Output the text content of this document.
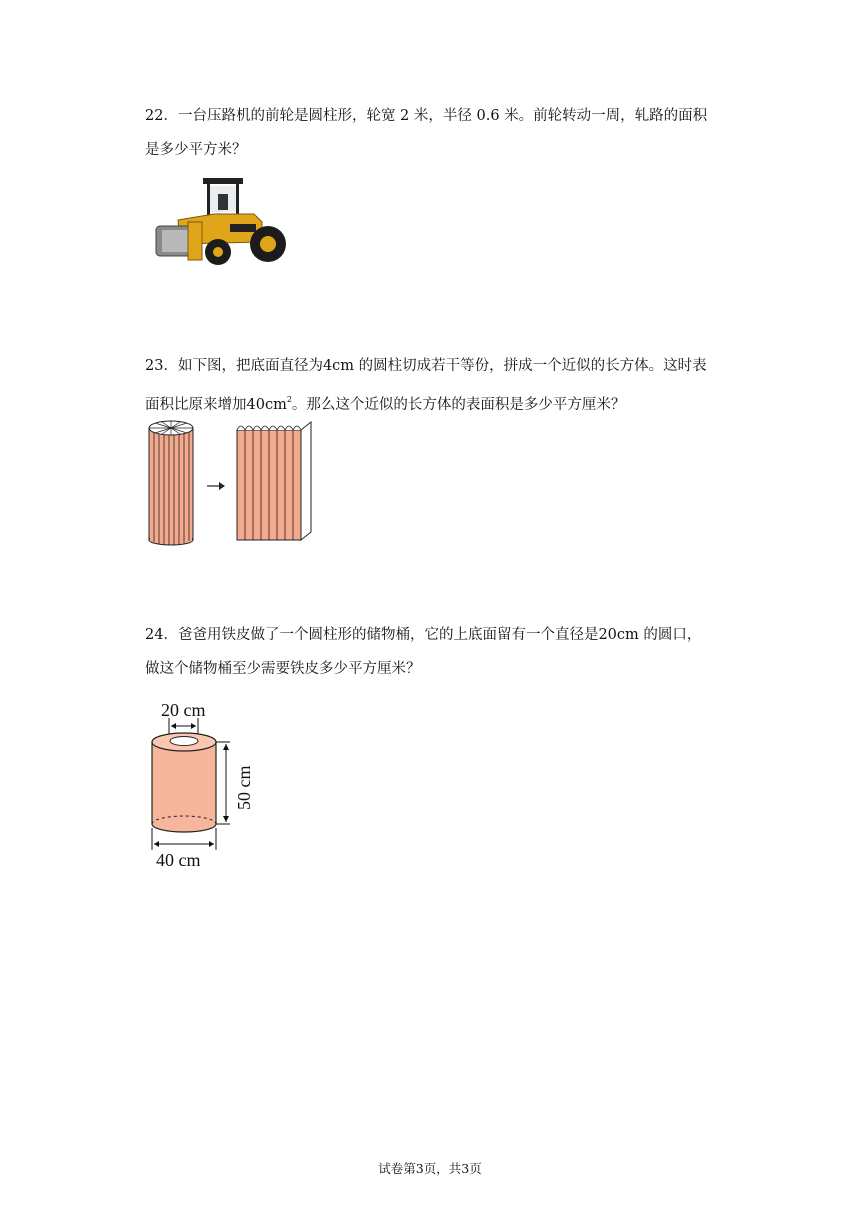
22．一台压路机的前轮是圆柱形，轮宽 2 米，半径 0.6 米。前轮转动一周，轧路的面积

是多少平方米？

23．如下图，把底面直径为4cm 的圆柱切成若干等份，拼成一个近似的长方体。这时表

面积比原来增加$40cm^2$。那么这个近似的长方体的表面积是多少平方厘米？

24．爸爸用铁皮做了一个圆柱形的储物桶，它的上底面留有一个直径是20cm 的圆口，

做这个储物桶至少需要铁皮多少平方厘米？

20 cm
50 cm
40 cm
试卷第3页，共3页
